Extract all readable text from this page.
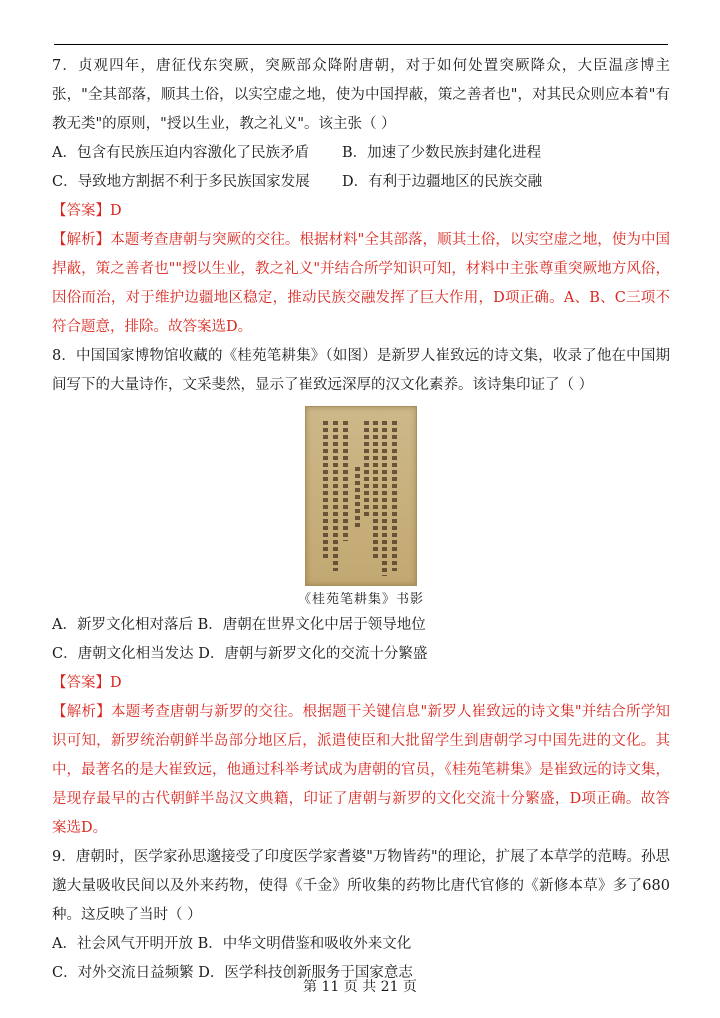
7．贞观四年，唐征伐东突厥，突厥部众降附唐朝，对于如何处置突厥降众，大臣温彦博主张，"全其部落，顺其土俗，以实空虚之地，使为中国捍蔽，策之善者也"，对其民众则应本着"有教无类"的原则，"授以生业，教之礼义"。该主张（ ）

A．包含有民族压迫内容激化了民族矛盾	B．加速了少数民族封建化进程
C．导致地方割据不利于多民族国家发展	D．有利于边疆地区的民族交融

【答案】D

【解析】本题考查唐朝与突厥的交往。根据材料"全其部落，顺其土俗，以实空虚之地，使为中国捍蔽，策之善者也""授以生业，教之礼义"并结合所学知识可知，材料中主张尊重突厥地方风俗，因俗而治，对于维护边疆地区稳定，推动民族交融发挥了巨大作用，D项正确。A、B、C三项不符合题意，排除。故答案选D。

8．中国国家博物馆收藏的《桂苑笔耕集》（如图）是新罗人崔致远的诗文集，收录了他在中国期间写下的大量诗作，文采斐然，显示了崔致远深厚的汉文化素养。该诗集印证了（ ）

《桂苑笔耕集》书影

A．新罗文化相对落后 B．唐朝在世界文化中居于领导地位

C．唐朝文化相当发达 D．唐朝与新罗文化的交流十分繁盛

【答案】D

【解析】本题考查唐朝与新罗的交往。根据题干关键信息"新罗人崔致远的诗文集"并结合所学知识可知，新罗统治朝鲜半岛部分地区后，派遣使臣和大批留学生到唐朝学习中国先进的文化。其中，最著名的是大崔致远，他通过科举考试成为唐朝的官员，《桂苑笔耕集》是崔致远的诗文集，是现存最早的古代朝鲜半岛汉文典籍，印证了唐朝与新罗的文化交流十分繁盛，D项正确。故答案选D。

9．唐朝时，医学家孙思邈接受了印度医学家耆婆"万物皆药"的理论，扩展了本草学的范畴。孙思邈大量吸收民间以及外来药物，使得《千金》所收集的药物比唐代官修的《新修本草》多了680种。这反映了当时（ ）

A．社会风气开明开放 B．中华文明借鉴和吸收外来文化

C．对外交流日益频繁 D．医学科技创新服务于国家意志

第 11 页 共 21 页
